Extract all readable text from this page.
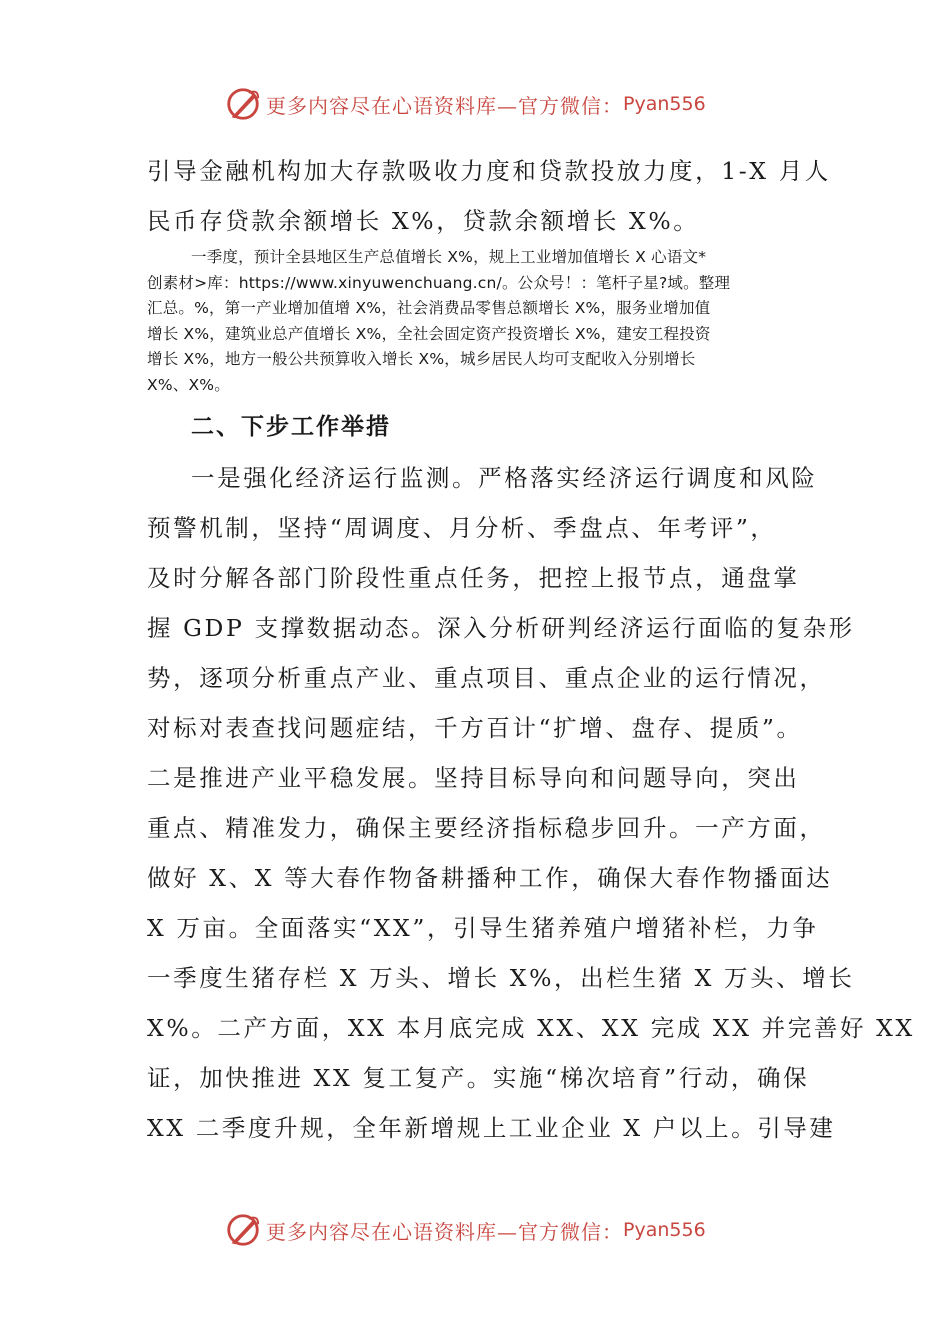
更多内容尽在心语资料库—官方微信： Pyan556

引导金融机构加大存款吸收力度和贷款投放力度，1-X 月人

民币存贷款余额增长 X%，贷款余额增长 X%。

一季度，预计全县地区生产总值增长 X%，规上工业增加值增长 X 心语文*

创素材>库：https://www.xinyuwenchuang.cn/。公众号！：笔杆子星?域。整理

汇总。%，第一产业增加值增 X%，社会消费品零售总额增长 X%，服务业增加值

增长 X%，建筑业总产值增长 X%，全社会固定资产投资增长 X%，建安工程投资

增长 X%，地方一般公共预算收入增长 X%，城乡居民人均可支配收入分别增长

X%、X%。

二、下步工作举措

一是强化经济运行监测。严格落实经济运行调度和风险

预警机制，坚持“周调度、月分析、季盘点、年考评”，

及时分解各部门阶段性重点任务，把控上报节点，通盘掌

握 GDP 支撑数据动态。深入分析研判经济运行面临的复杂形

势，逐项分析重点产业、重点项目、重点企业的运行情况，

对标对表查找问题症结，千方百计“扩增、盘存、提质”。

二是推进产业平稳发展。坚持目标导向和问题导向，突出

重点、精准发力，确保主要经济指标稳步回升。一产方面，

做好 X、X 等大春作物备耕播种工作，确保大春作物播面达

X 万亩。全面落实“XX”，引导生猪养殖户增猪补栏，力争

一季度生猪存栏 X 万头、增长 X%，出栏生猪 X 万头、增长

X%。二产方面，XX 本月底完成 XX、XX 完成 XX 并完善好 XX

证，加快推进 XX 复工复产。实施“梯次培育”行动，确保

XX 二季度升规，全年新增规上工业企业 X 户以上。引导建

更多内容尽在心语资料库—官方微信： Pyan556
